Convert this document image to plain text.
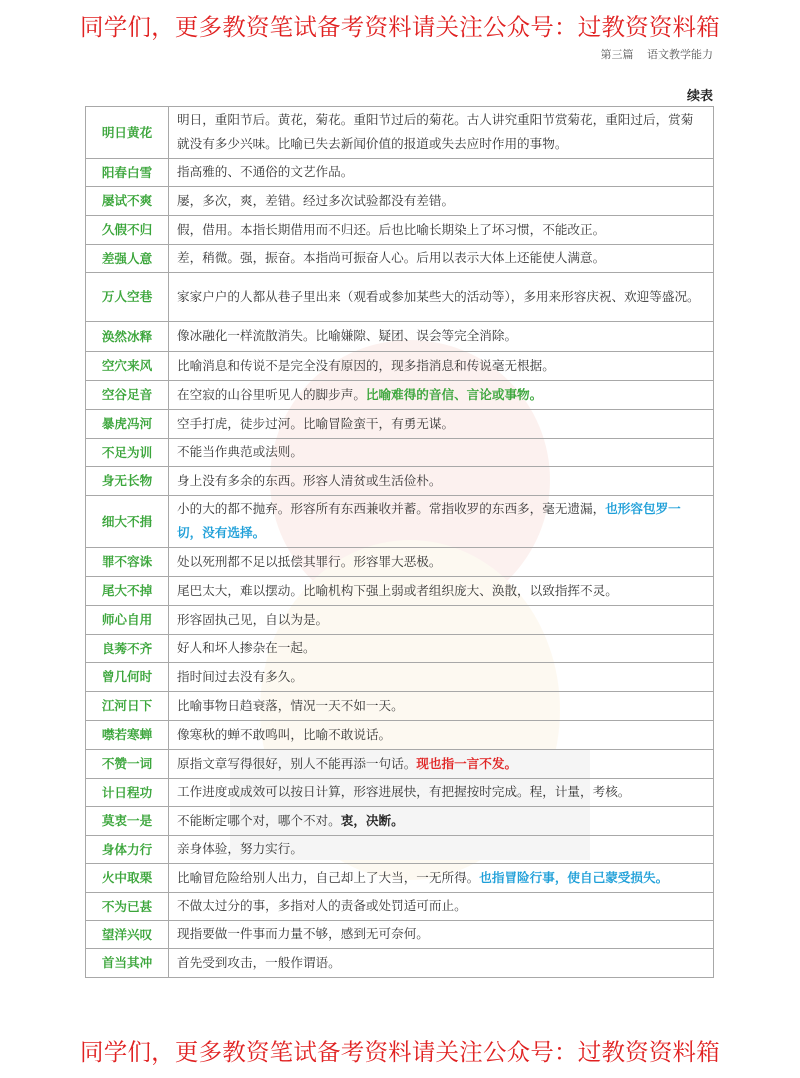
同学们，更多教资笔试备考资料请关注公众号：过教资资料箱
第三篇 语文教学能力
续表
明日黄花	明日，重阳节后。黄花，菊花。重阳节过后的菊花。古人讲究重阳节赏菊花，重阳过后，赏菊就没有多少兴味。比喻已失去新闻价值的报道或失去应时作用的事物。
阳春白雪	指高雅的、不通俗的文艺作品。
屡试不爽	屡，多次，爽，差错。经过多次试验都没有差错。
久假不归	假，借用。本指长期借用而不归还。后也比喻长期染上了坏习惯，不能改正。
差强人意	差，稍微。强，振奋。本指尚可振奋人心。后用以表示大体上还能使人满意。
万人空巷	家家户户的人都从巷子里出来（观看或参加某些大的活动等），多用来形容庆祝、欢迎等盛况。
涣然冰释	像冰融化一样流散消失。比喻嫌隙、疑团、误会等完全消除。
空穴来风	比喻消息和传说不是完全没有原因的，现多指消息和传说毫无根据。
空谷足音	在空寂的山谷里听见人的脚步声。比喻难得的音信、言论或事物。
暴虎冯河	空手打虎，徒步过河。比喻冒险蛮干，有勇无谋。
不足为训	不能当作典范或法则。
身无长物	身上没有多余的东西。形容人清贫或生活俭朴。
细大不捐	小的大的都不抛弃。形容所有东西兼收并蓄。常指收罗的东西多，毫无遗漏，也形容包罗一切，没有选择。
罪不容诛	处以死刑都不足以抵偿其罪行。形容罪大恶极。
尾大不掉	尾巴太大，难以摆动。比喻机构下强上弱或者组织庞大、涣散，以致指挥不灵。
师心自用	形容固执己见，自以为是。
良莠不齐	好人和坏人掺杂在一起。
曾几何时	指时间过去没有多久。
江河日下	比喻事物日趋衰落，情况一天不如一天。
噤若寒蝉	像寒秋的蝉不敢鸣叫，比喻不敢说话。
不赞一词	原指文章写得很好，别人不能再添一句话。现也指一言不发。
计日程功	工作进度或成效可以按日计算，形容进展快，有把握按时完成。程，计量，考核。
莫衷一是	不能断定哪个对，哪个不对。衷，决断。
身体力行	亲身体验，努力实行。
火中取栗	比喻冒危险给别人出力，自己却上了大当，一无所得。也指冒险行事，使自己蒙受损失。
不为已甚	不做太过分的事，多指对人的责备或处罚适可而止。
望洋兴叹	现指要做一件事而力量不够，感到无可奈何。
首当其冲	首先受到攻击，一般作谓语。
同学们，更多教资笔试备考资料请关注公众号：过教资资料箱
